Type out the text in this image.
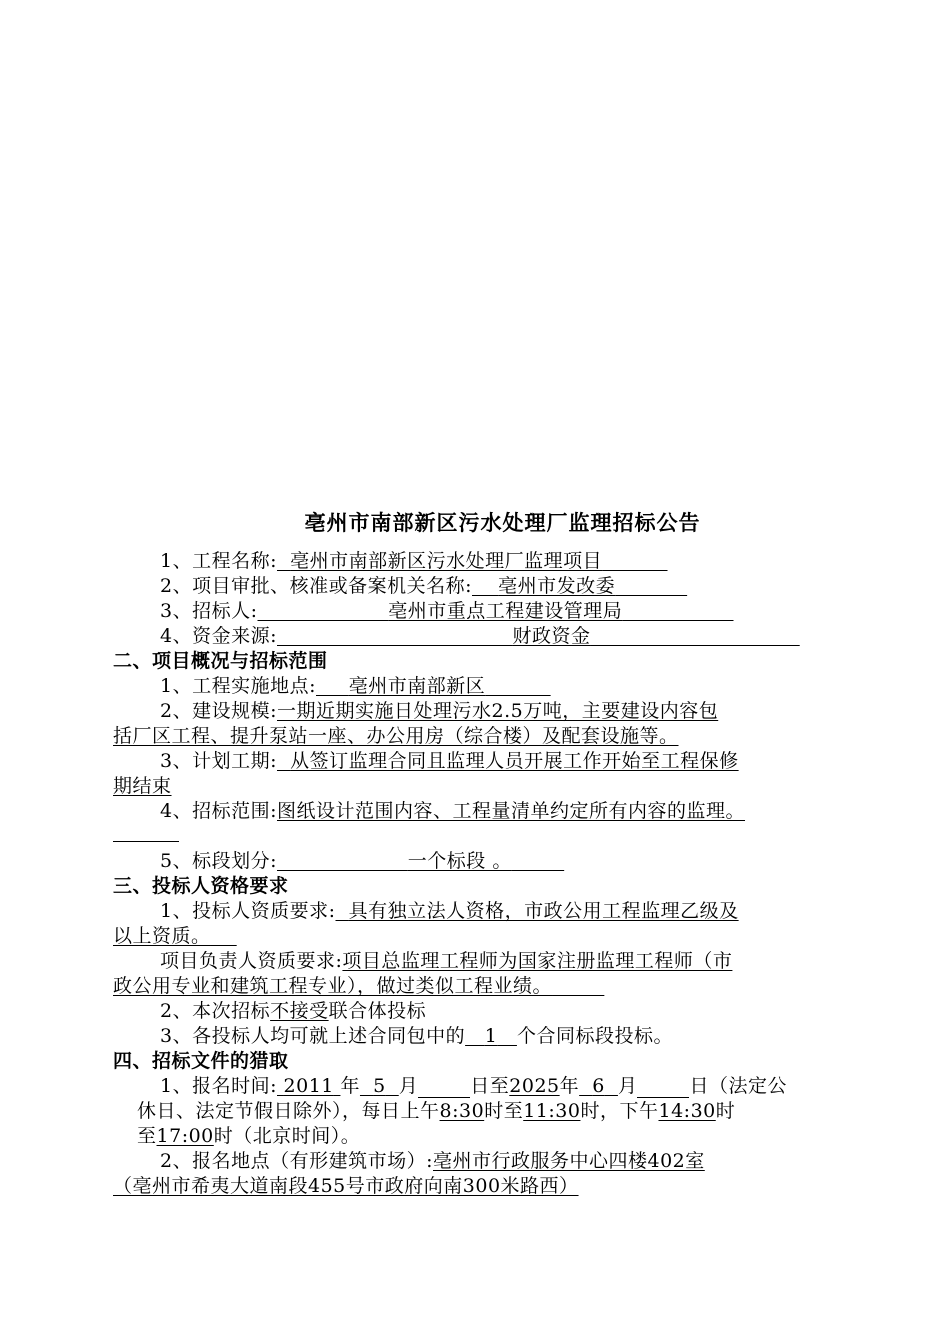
亳州市南部新区污水处理厂监理招标公告
1、工程名称: 亳州市南部新区污水处理厂监理项目
2、项目审批、核准或备案机关名称: 亳州市发改委
3、招标人:	亳州市重点工程建设管理局
4、资金来源:	财政资金
二、项目概况与招标范围
1、工程实施地点: 亳州市南部新区
2、建设规模:一期近期实施日处理污水2.5万吨，主要建设内容包
括厂区工程、提升泵站一座、办公用房（综合楼）及配套设施等。
3、计划工期: 从签订监理合同且监理人员开展工作开始至工程保修
期结束
4、招标范围:图纸设计范围内容、工程量清单约定所有内容的监理。
5、标段划分:	一个标段 。
三、投标人资格要求
1、投标人资质要求: 具有独立法人资格，市政公用工程监理乙级及
以上资质。
项目负责人资质要求:项目总监理工程师为国家注册监理工程师（市
政公用专业和建筑工程专业），做过类似工程业绩。
2、本次招标不接受联合体投标
3、各投标人均可就上述合同包中的 1 个合同标段投标。
四、招标文件的猎取
1、报名时间: 2011 年 5 月	日至2025年 6 月	日（法定公
休日、法定节假日除外），每日上午8:30时至11:30时，下午14:30时
至17:00时（北京时间）。
2、报名地点（有形建筑市场）:亳州市行政服务中心四楼402室
（亳州市希夷大道南段455号市政府向南300米路西）
